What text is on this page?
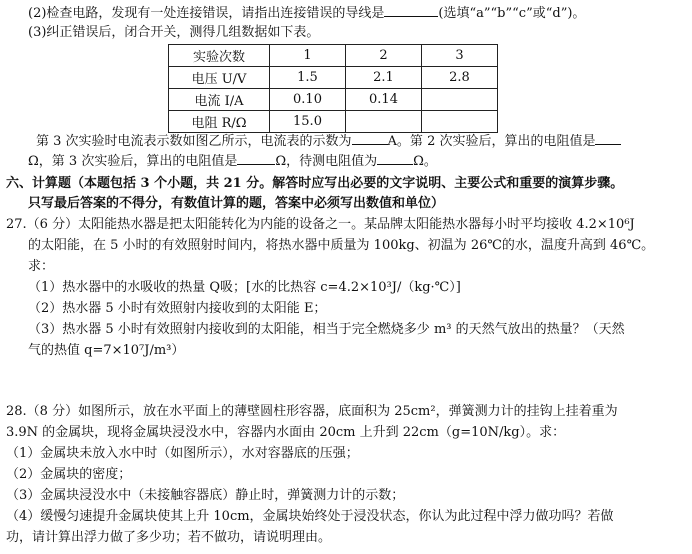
(2)检查电路，发现有一处连接错误，请指出连接错误的导线是	(选填“a”“b”“c”或“d”)。
(3)纠正错误后，闭合开关，测得几组数据如下表。
实验次数	1	2	3
电压 U/V	1.5	2.1	2.8
电流 I/A	0.10	0.14	
电阻 R/Ω	15.0		
第 3 次实验时电流表示数如图乙所示，电流表的示数为	A。第 2 次实验后，算出的电阻值是
Ω，第 3 次实验后，算出的电阻值是	Ω，待测电阻值为	Ω。
六、计算题（本题包括 3 个小题，共 21 分。解答时应写出必要的文字说明、主要公式和重要的演算步骤。
只写最后答案的不得分，有数值计算的题，答案中必须写出数值和单位）
27.（6 分）太阳能热水器是把太阳能转化为内能的设备之一。某品牌太阳能热水器每小时平均接收 4.2×10⁶J
的太阳能，在 5 小时的有效照射时间内，将热水器中质量为 100kg、初温为 26℃的水，温度升高到 46℃。
求：
（1）热水器中的水吸收的热量 Q吸；[水的比热容 c=4.2×10³J/（kg·℃）]
（2）热水器 5 小时有效照射内接收到的太阳能 E；
（3）热水器 5 小时有效照射内接收到的太阳能，相当于完全燃烧多少 m³ 的天然气放出的热量？（天然
气的热值 q=7×10⁷J/m³）
28.（8 分）如图所示，放在水平面上的薄壁圆柱形容器，底面积为 25cm²，弹簧测力计的挂钩上挂着重为
3.9N 的金属块，现将金属块浸没水中，容器内水面由 20cm 上升到 22cm（g=10N/kg）。求：
（1）金属块未放入水中时（如图所示），水对容器底的压强；
（2）金属块的密度；
（3）金属块浸没水中（未接触容器底）静止时，弹簧测力计的示数；
（4）缓慢匀速提升金属块使其上升 10cm，金属块始终处于浸没状态，你认为此过程中浮力做功吗？若做
功，请计算出浮力做了多少功；若不做功，请说明理由。
